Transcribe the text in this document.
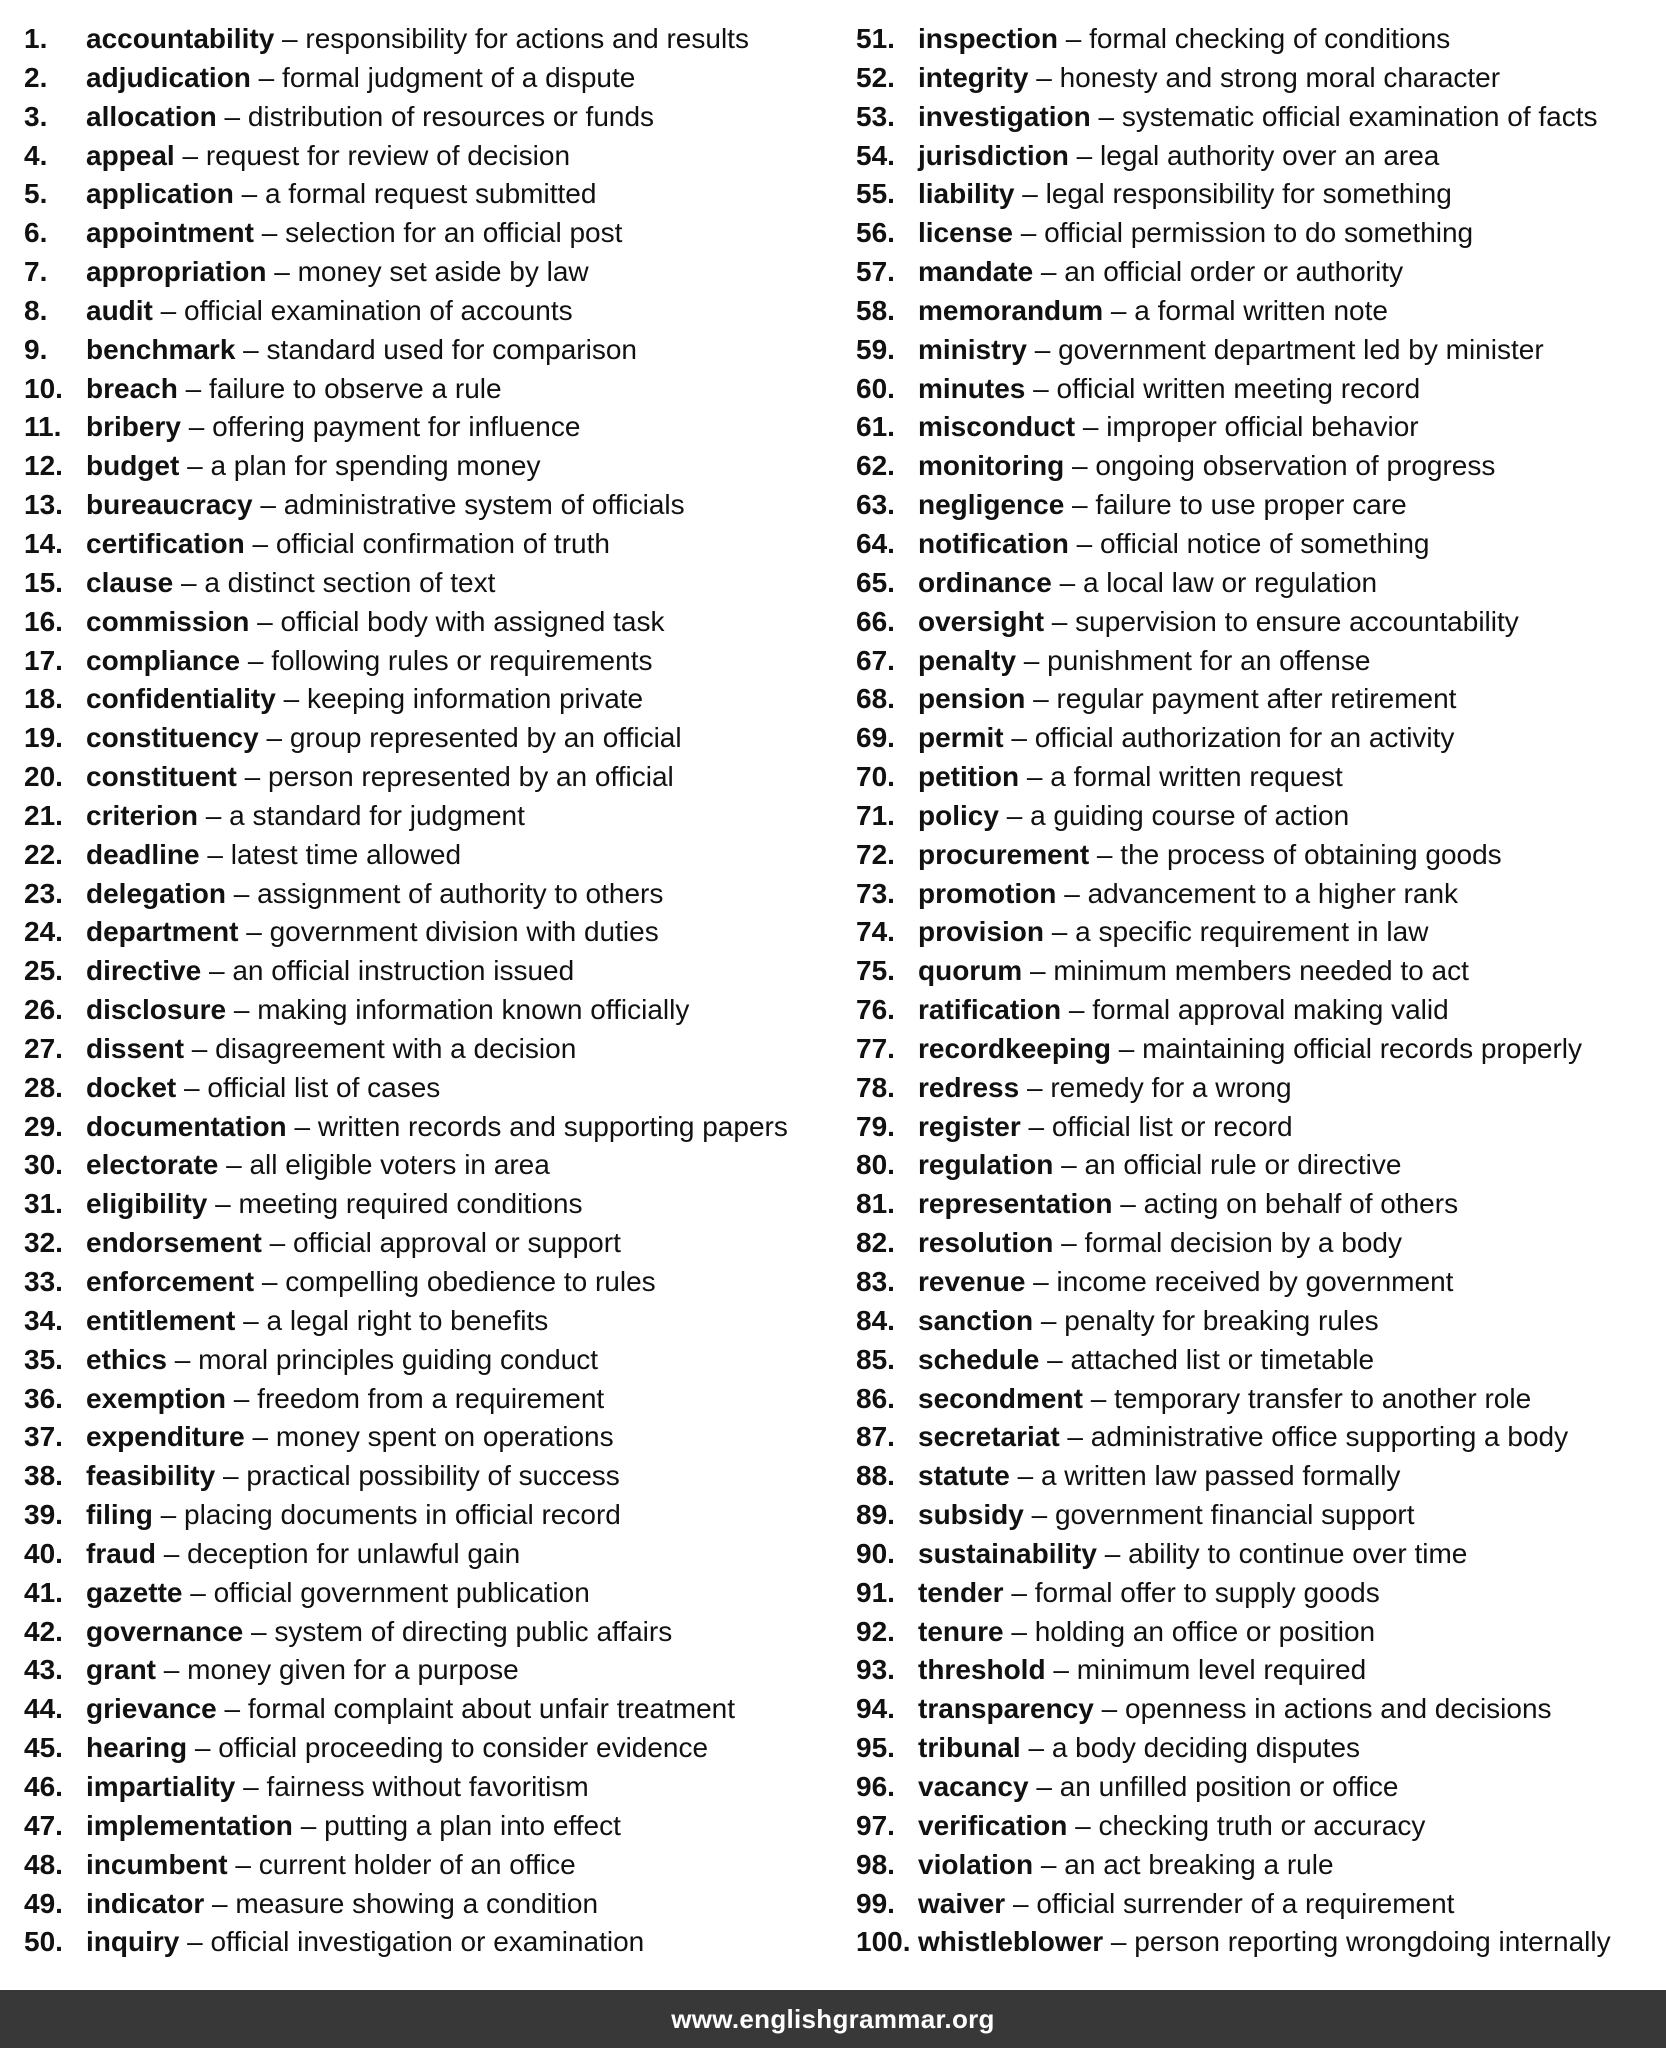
1.	accountability – responsibility for actions and results
2.	adjudication – formal judgment of a dispute
3.	allocation – distribution of resources or funds
4.	appeal – request for review of decision
5.	application – a formal request submitted
6.	appointment – selection for an official post
7.	appropriation – money set aside by law
8.	audit – official examination of accounts
9.	benchmark – standard used for comparison
10. breach – failure to observe a rule
11. bribery – offering payment for influence
12. budget – a plan for spending money
13. bureaucracy – administrative system of officials
14. certification – official confirmation of truth
15. clause – a distinct section of text
16. commission – official body with assigned task
17. compliance – following rules or requirements
18. confidentiality – keeping information private
19. constituency – group represented by an official
20. constituent – person represented by an official
21. criterion – a standard for judgment
22. deadline – latest time allowed
23. delegation – assignment of authority to others
24. department – government division with duties
25. directive – an official instruction issued
26. disclosure – making information known officially
27. dissent – disagreement with a decision
28. docket – official list of cases
29. documentation – written records and supporting papers
30. electorate – all eligible voters in area
31. eligibility – meeting required conditions
32. endorsement – official approval or support
33. enforcement – compelling obedience to rules
34. entitlement – a legal right to benefits
35. ethics – moral principles guiding conduct
36. exemption – freedom from a requirement
37. expenditure – money spent on operations
38. feasibility – practical possibility of success
39. filing – placing documents in official record
40. fraud – deception for unlawful gain
41. gazette – official government publication
42. governance – system of directing public affairs
43. grant – money given for a purpose
44. grievance – formal complaint about unfair treatment
45. hearing – official proceeding to consider evidence
46. impartiality – fairness without favoritism
47. implementation – putting a plan into effect
48. incumbent – current holder of an office
49. indicator – measure showing a condition
50. inquiry – official investigation or examination
51. inspection – formal checking of conditions
52. integrity – honesty and strong moral character
53. investigation – systematic official examination of facts
54. jurisdiction – legal authority over an area
55. liability – legal responsibility for something
56. license – official permission to do something
57. mandate – an official order or authority
58. memorandum – a formal written note
59. ministry – government department led by minister
60. minutes – official written meeting record
61. misconduct – improper official behavior
62. monitoring – ongoing observation of progress
63. negligence – failure to use proper care
64. notification – official notice of something
65. ordinance – a local law or regulation
66. oversight – supervision to ensure accountability
67. penalty – punishment for an offense
68. pension – regular payment after retirement
69. permit – official authorization for an activity
70. petition – a formal written request
71. policy – a guiding course of action
72. procurement – the process of obtaining goods
73. promotion – advancement to a higher rank
74. provision – a specific requirement in law
75. quorum – minimum members needed to act
76. ratification – formal approval making valid
77. recordkeeping – maintaining official records properly
78. redress – remedy for a wrong
79. register – official list or record
80. regulation – an official rule or directive
81. representation – acting on behalf of others
82. resolution – formal decision by a body
83. revenue – income received by government
84. sanction – penalty for breaking rules
85. schedule – attached list or timetable
86. secondment – temporary transfer to another role
87. secretariat – administrative office supporting a body
88. statute – a written law passed formally
89. subsidy – government financial support
90. sustainability – ability to continue over time
91. tender – formal offer to supply goods
92. tenure – holding an office or position
93. threshold – minimum level required
94. transparency – openness in actions and decisions
95. tribunal – a body deciding disputes
96. vacancy – an unfilled position or office
97. verification – checking truth or accuracy
98. violation – an act breaking a rule
99. waiver – official surrender of a requirement
100. whistleblower – person reporting wrongdoing internally
www.englishgrammar.org
